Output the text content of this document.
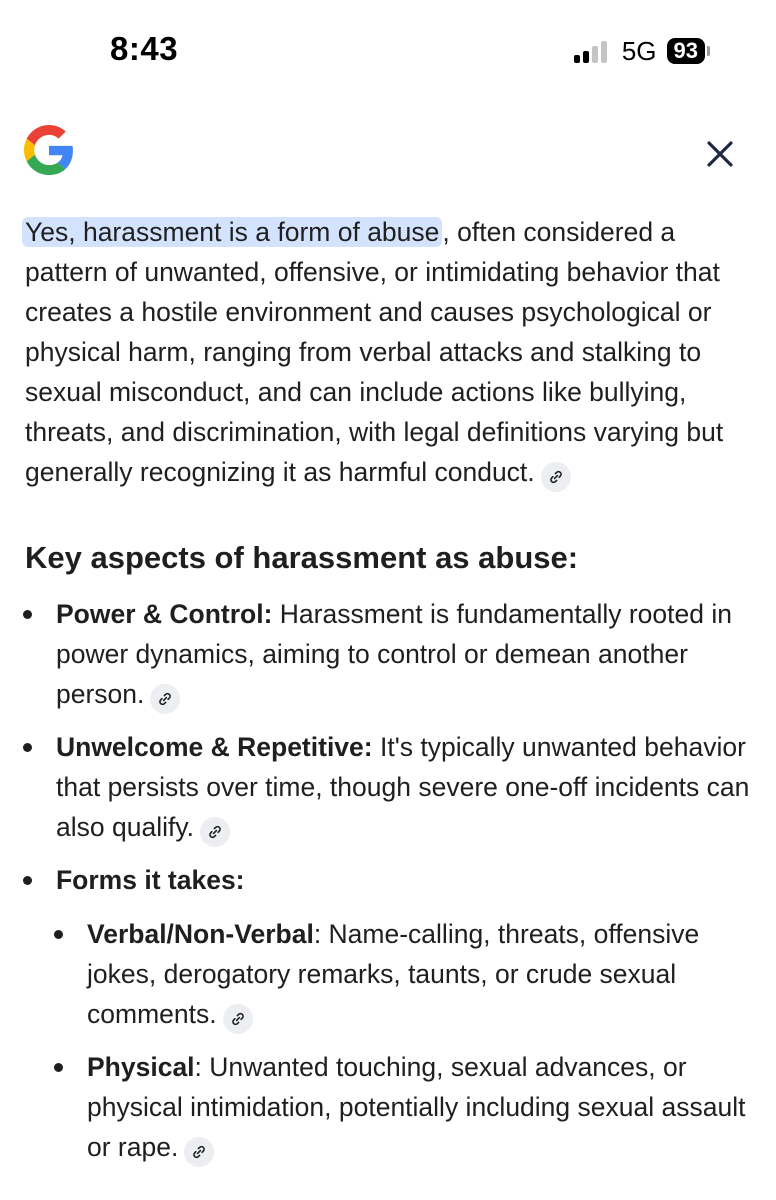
8:43	5G 93

Yes, harassment is a form of abuse , often considered a pattern of unwanted, offensive, or intimidating behavior that creates a hostile environment and causes psychological or physical harm, ranging from verbal attacks and stalking to sexual misconduct, and can include actions like bullying, threats, and discrimination, with legal definitions varying but generally recognizing it as harmful conduct.

Key aspects of harassment as abuse:
Power & Control: Harassment is fundamentally rooted in power dynamics, aiming to control or demean another person.
Unwelcome & Repetitive: It's typically unwanted behavior that persists over time, though severe one-off incidents can also qualify.
Forms it takes:
Verbal/Non-Verbal: Name-calling, threats, offensive jokes, derogatory remarks, taunts, or crude sexual comments.
Physical: Unwanted touching, sexual advances, or physical intimidation, potentially including sexual assault or rape.
